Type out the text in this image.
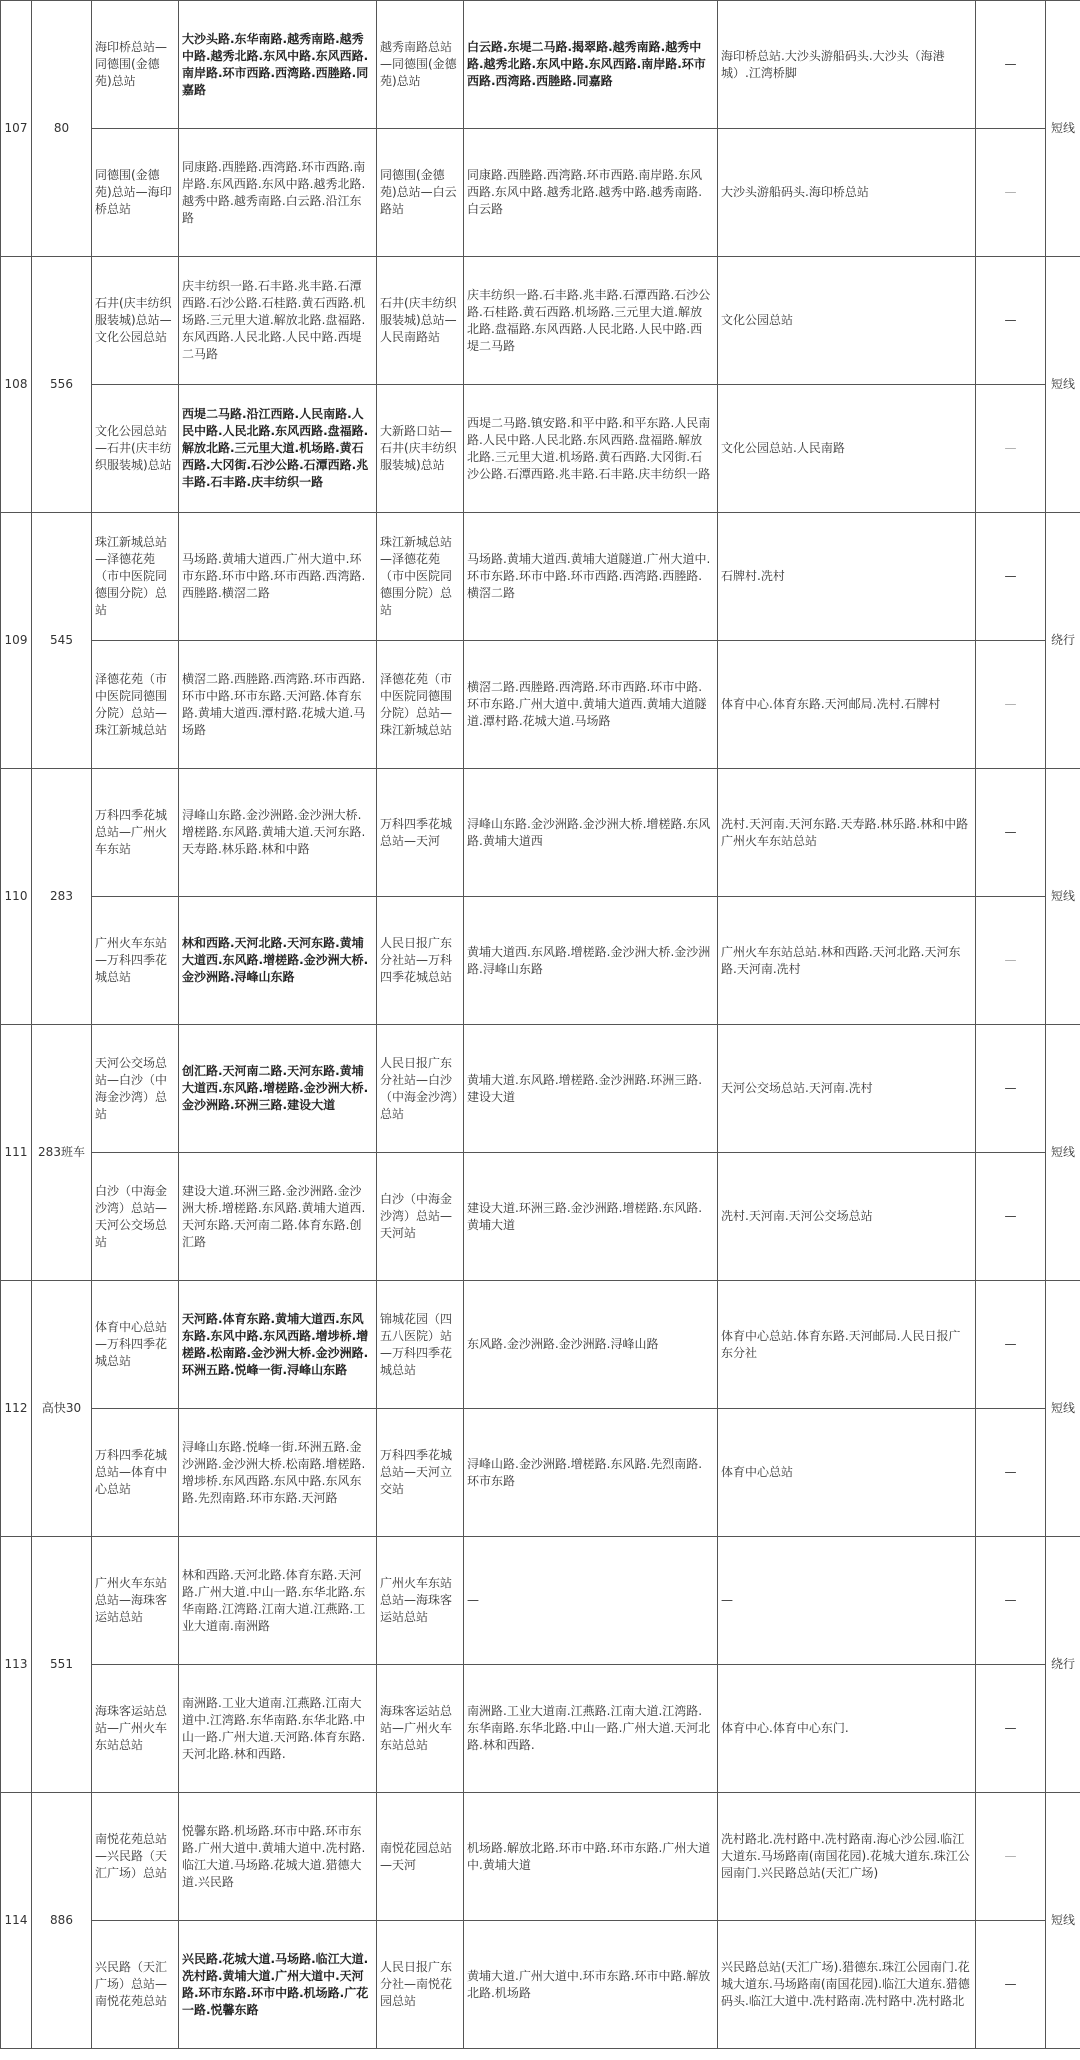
107	80	海印桥总站—同德围(金德苑)总站	大沙头路.东华南路.越秀南路.越秀中路.越秀北路.东风中路.东风西路.南岸路.环市西路.西湾路.西塍路.同嘉路	越秀南路总站—同德围(金德苑)总站	白云路.东堤二马路.揭翠路.越秀南路.越秀中路.越秀北路.东风中路.东风西路.南岸路.环市西路.西湾路.西塍路.同嘉路	海印桥总站.大沙头游船码头.大沙头（海港城）.江湾桥脚	—	短线
		同德围(金德苑)总站—海印桥总站	同康路.西塍路.西湾路.环市西路.南岸路.东风西路.东风中路.越秀北路.越秀中路.越秀南路.白云路.沿江东路	同德围(金德苑)总站—白云路站	同康路.西塍路.西湾路.环市西路.南岸路.东风西路.东风中路.越秀北路.越秀中路.越秀南路.白云路	大沙头游船码头.海印桥总站	—	
108	556	石井(庆丰纺织服装城)总站—文化公园总站	庆丰纺织一路.石丰路.兆丰路.石潭西路.石沙公路.石桂路.黄石西路.机场路.三元里大道.解放北路.盘福路.东风西路.人民北路.人民中路.西堤二马路	石井(庆丰纺织服装城)总站—人民南路站	庆丰纺织一路.石丰路.兆丰路.石潭西路.石沙公路.石桂路.黄石西路.机场路.三元里大道.解放北路.盘福路.东风西路.人民北路.人民中路.西堤二马路	文化公园总站	—	短线
		文化公园总站—石井(庆丰纺织服装城)总站	西堤二马路.沿江西路.人民南路.人民中路.人民北路.东风西路.盘福路.解放北路.三元里大道.机场路.黄石西路.大冈街.石沙公路.石潭西路.兆丰路.石丰路.庆丰纺织一路	大新路口站—石井(庆丰纺织服装城)总站	西堤二马路.镇安路.和平中路.和平东路.人民南路.人民中路.人民北路.东风西路.盘福路.解放北路.三元里大道.机场路.黄石西路.大冈街.石沙公路.石潭西路.兆丰路.石丰路.庆丰纺织一路	文化公园总站.人民南路	—	
109	545	珠江新城总站—泽德花苑（市中医院同德围分院）总站	马场路.黄埔大道西.广州大道中.环市东路.环市中路.环市西路.西湾路.西塍路.横滘二路	珠江新城总站—泽德花苑（市中医院同德围分院）总站	马场路.黄埔大道西.黄埔大道隧道.广州大道中.环市东路.环市中路.环市西路.西湾路.西塍路.横滘二路	石牌村.冼村	—	绕行
		泽德花苑（市中医院同德围分院）总站—珠江新城总站	横滘二路.西塍路.西湾路.环市西路.环市中路.环市东路.天河路.体育东路.黄埔大道西.潭村路.花城大道.马场路	泽德花苑（市中医院同德围分院）总站—珠江新城总站	横滘二路.西塍路.西湾路.环市西路.环市中路.环市东路.广州大道中.黄埔大道西.黄埔大道隧道.潭村路.花城大道.马场路	体育中心.体育东路.天河邮局.冼村.石牌村	—	
110	283	万科四季花城总站—广州火车东站	浔峰山东路.金沙洲路.金沙洲大桥.增槎路.东风路.黄埔大道.天河东路.天寿路.林乐路.林和中路	万科四季花城总站—天河	浔峰山东路.金沙洲路.金沙洲大桥.增槎路.东风路.黄埔大道西	冼村.天河南.天河东路.天寿路.林乐路.林和中路广州火车东站总站	—	短线
		广州火车东站—万科四季花城总站	林和西路.天河北路.天河东路.黄埔大道西.东风路.增槎路.金沙洲大桥.金沙洲路.浔峰山东路	人民日报广东分社站—万科四季花城总站	黄埔大道西.东风路.增槎路.金沙洲大桥.金沙洲路.浔峰山东路	广州火车东站总站.林和西路.天河北路.天河东路.天河南.冼村	—	
111	283班车	天河公交场总站—白沙（中海金沙湾）总站	创汇路.天河南二路.天河东路.黄埔大道西.东风路.增槎路.金沙洲大桥.金沙洲路.环洲三路.建设大道	人民日报广东分社站—白沙（中海金沙湾）总站	黄埔大道.东风路.增槎路.金沙洲路.环洲三路.建设大道	天河公交场总站.天河南.冼村	—	短线
		白沙（中海金沙湾）总站—天河公交场总站	建设大道.环洲三路.金沙洲路.金沙洲大桥.增槎路.东风路.黄埔大道西.天河东路.天河南二路.体育东路.创汇路	白沙（中海金沙湾）总站—天河站	建设大道.环洲三路.金沙洲路.增槎路.东风路.黄埔大道	冼村.天河南.天河公交场总站	—	
112	高快30	体育中心总站—万科四季花城总站	天河路.体育东路.黄埔大道西.东风东路.东风中路.东风西路.增埗桥.增槎路.松南路.金沙洲大桥.金沙洲路.环洲五路.悦峰一街.浔峰山东路	锦城花园（四五八医院）站—万科四季花城总站	东风路.金沙洲路.金沙洲路.浔峰山路	体育中心总站.体育东路.天河邮局.人民日报广东分社	—	短线
		万科四季花城总站—体育中心总站	浔峰山东路.悦峰一街.环洲五路.金沙洲路.金沙洲大桥.松南路.增槎路.增埗桥.东风西路.东风中路.东风东路.先烈南路.环市东路.天河路	万科四季花城总站—天河立交站	浔峰山路.金沙洲路.增槎路.东风路.先烈南路.环市东路	体育中心总站	—	
113	551	广州火车东站总站—海珠客运站总站	林和西路.天河北路.体育东路.天河路.广州大道.中山一路.东华北路.东华南路.江湾路.江南大道.江燕路.工业大道南.南洲路	广州火车东站总站—海珠客运站总站	—	—	—	绕行
		海珠客运站总站—广州火车东站总站	南洲路.工业大道南.江燕路.江南大道中.江湾路.东华南路.东华北路.中山一路.广州大道.天河路.体育东路.天河北路.林和西路.	海珠客运站总站—广州火车东站总站	南洲路.工业大道南.江燕路.江南大道.江湾路.东华南路.东华北路.中山一路.广州大道.天河北路.林和西路.	体育中心.体育中心东门.	—	
114	886	南悦花苑总站—兴民路（天汇广场）总站	悦馨东路.机场路.环市中路.环市东路.广州大道中.黄埔大道中.冼村路.临江大道.马场路.花城大道.猎德大道.兴民路	南悦花园总站—天河	机场路.解放北路.环市中路.环市东路.广州大道中.黄埔大道	冼村路北.冼村路中.冼村路南.海心沙公园.临江大道东.马场路南(南国花园).花城大道东.珠江公园南门.兴民路总站(天汇广场)	—	短线
		兴民路（天汇广场）总站—南悦花苑总站	兴民路.花城大道.马场路.临江大道.冼村路.黄埔大道.广州大道中.天河路.环市东路.环市中路.机场路.广花一路.悦馨东路	人民日报广东分社—南悦花园总站	黄埔大道.广州大道中.环市东路.环市中路.解放北路.机场路	兴民路总站(天汇广场).猎德东.珠江公园南门.花城大道东.马场路南(南国花园).临江大道东.猎德码头.临江大道中.冼村路南.冼村路中.冼村路北	—	
